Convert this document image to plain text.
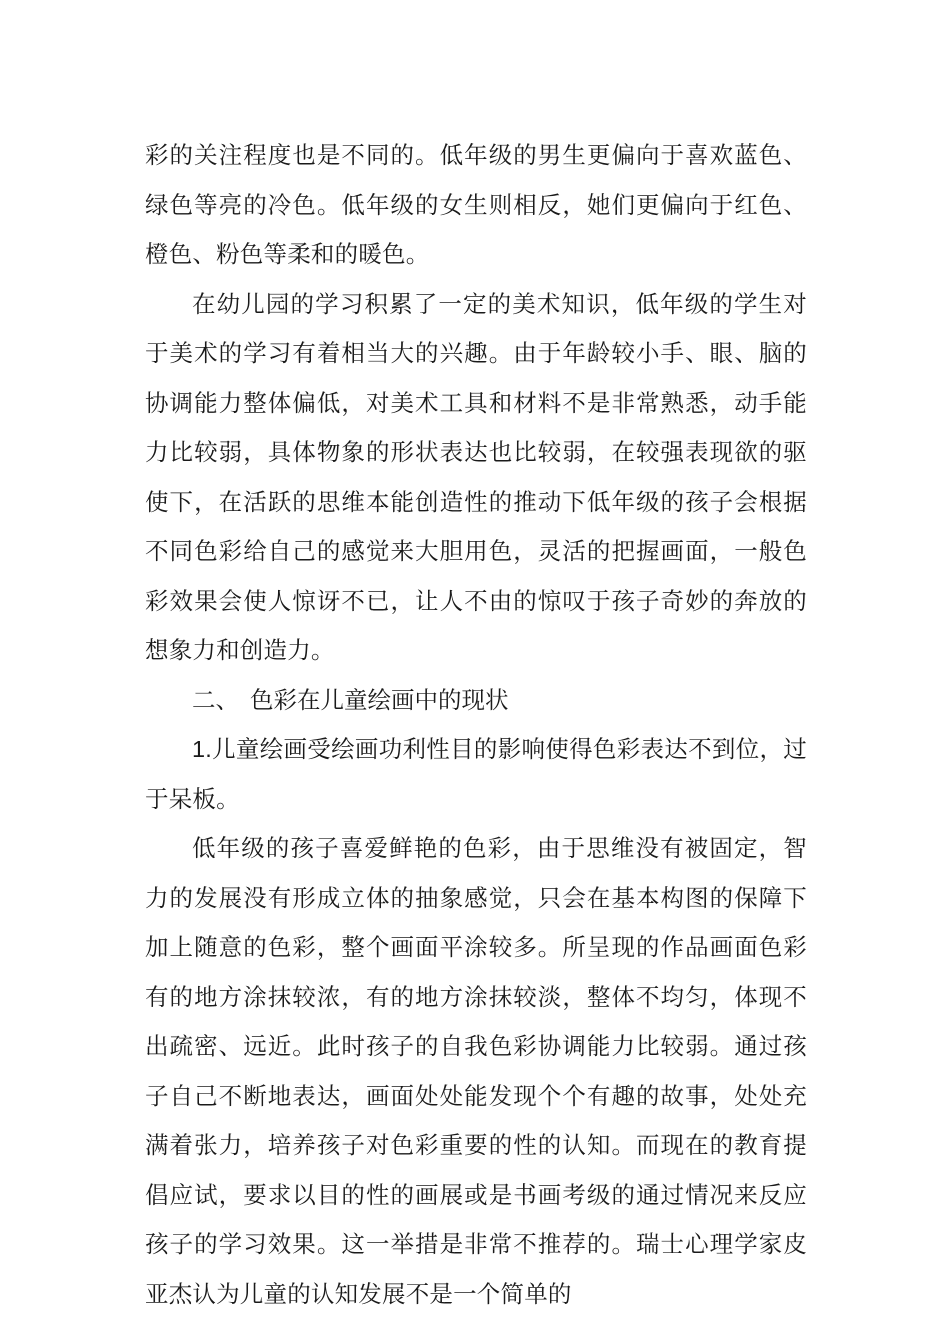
彩的关注程度也是不同的。低年级的男生更偏向于喜欢蓝色、绿色等亮的冷色。低年级的女生则相反，她们更偏向于红色、橙色、粉色等柔和的暖色。

在幼儿园的学习积累了一定的美术知识，低年级的学生对于美术的学习有着相当大的兴趣。由于年龄较小手、眼、脑的协调能力整体偏低，对美术工具和材料不是非常熟悉，动手能力比较弱，具体物象的形状表达也比较弱，在较强表现欲的驱使下，在活跃的思维本能创造性的推动下低年级的孩子会根据不同色彩给自己的感觉来大胆用色，灵活的把握画面，一般色彩效果会使人惊讶不已，让人不由的惊叹于孩子奇妙的奔放的想象力和创造力。

二、 色彩在儿童绘画中的现状

1.儿童绘画受绘画功利性目的影响使得色彩表达不到位，过于呆板。

低年级的孩子喜爱鲜艳的色彩，由于思维没有被固定，智力的发展没有形成立体的抽象感觉，只会在基本构图的保障下加上随意的色彩，整个画面平涂较多。所呈现的作品画面色彩有的地方涂抹较浓，有的地方涂抹较淡，整体不均匀，体现不出疏密、远近。此时孩子的自我色彩协调能力比较弱。通过孩子自己不断地表达，画面处处能发现个个有趣的故事，处处充满着张力，培养孩子对色彩重要的性的认知。而现在的教育提倡应试，要求以目的性的画展或是书画考级的通过情况来反应孩子的学习效果。这一举措是非常不推荐的。瑞士心理学家皮亚杰认为儿童的认知发展不是一个简单的
